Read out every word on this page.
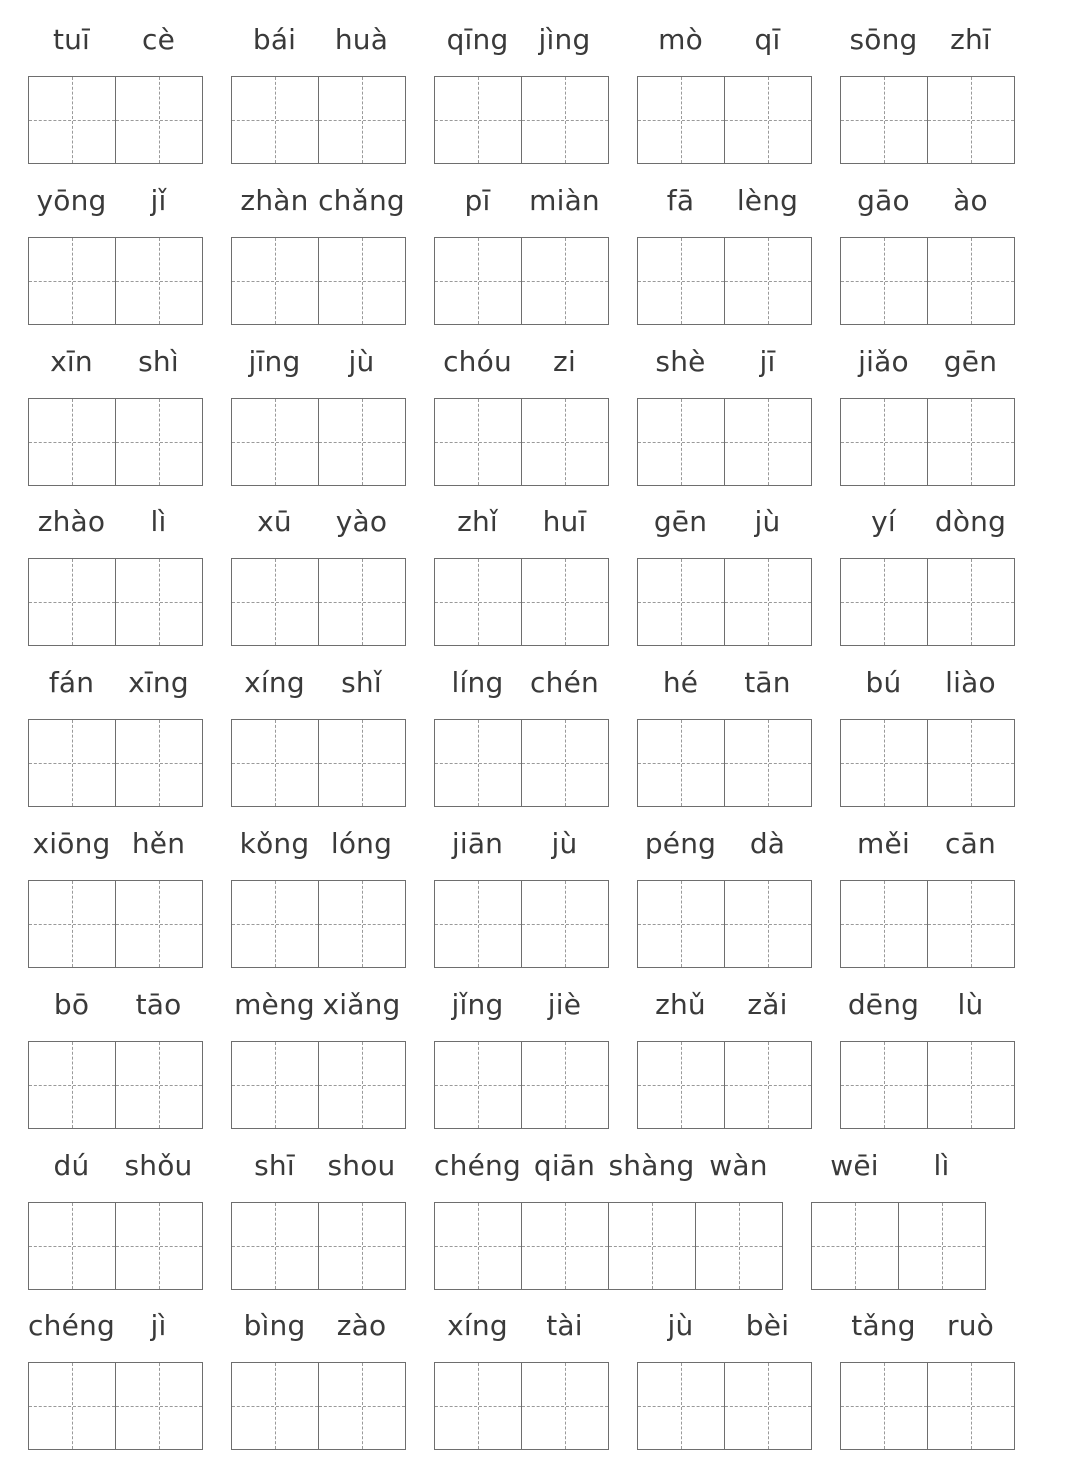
tuī	cè	bái	huà	qīng	jìng	mò	qī	sōng	zhī
yōng	jǐ	zhàn chǎng	pī	miàn	fā	lèng	gāo	ào
xīn	shì	jīng	jù	chóu	zi	shè	jī	jiǎo	gēn
zhào	lì	xū	yào	zhǐ	huī	gēn	jù	yí	dòng
fán	xīng	xíng	shǐ	líng chén	hé	tān	bú	liào
xiōng hěn	kǒng lóng	jiān	jù	péng	dà	měi	cān
bō	tāo	mèng xiǎng	jǐng	jiè	zhǔ	zǎi	dēng	lù
dú	shǒu	shī	shou	chéng qiān shàng wàn	wēi	lì
chéng	jì	bìng	zào	xíng	tài	jù	bèi	tǎng	ruò
